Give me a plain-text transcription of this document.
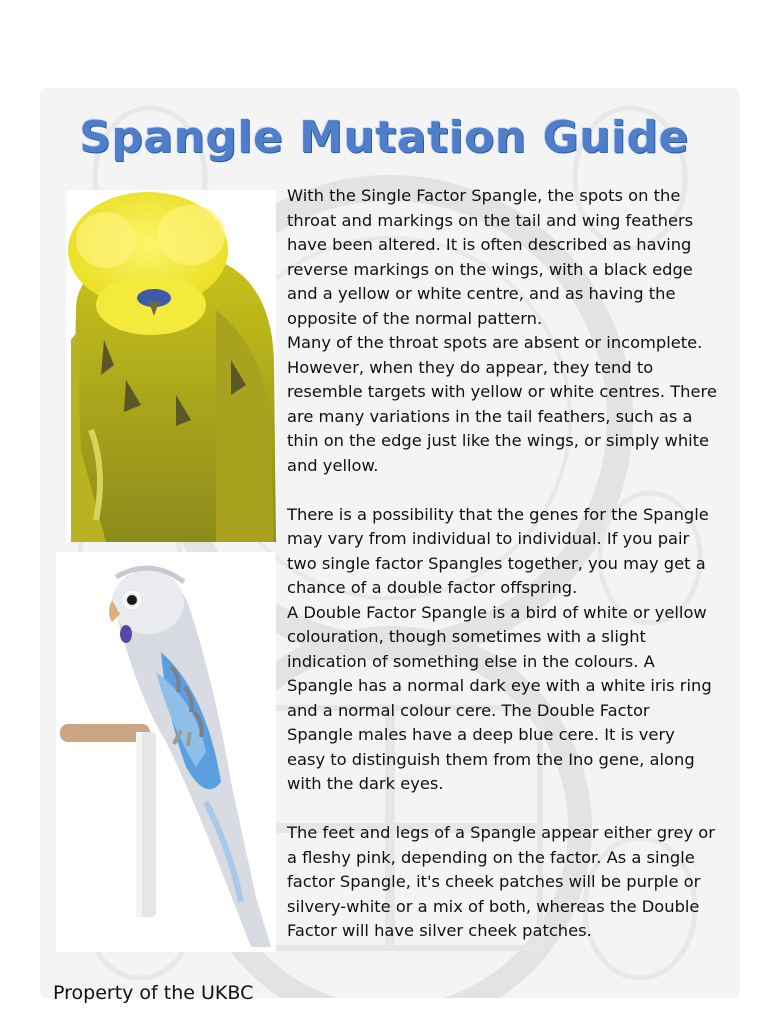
Spangle Mutation Guide

With the Single Factor Spangle, the spots on the throat and markings on the tail and wing feathers have been altered. It is often described as having reverse markings on the wings, with a black edge and a yellow or white centre, and as having the opposite of the normal pattern.

Many of the throat spots are absent or incomplete. However, when they do appear, they tend to resemble targets with yellow or white centres. There are many variations in the tail feathers, such as a thin on the edge just like the wings, or simply white and yellow.

There is a possibility that the genes for the Spangle may vary from individual to individual. If you pair two single factor Spangles together, you may get a chance of a double factor offspring.

A Double Factor Spangle is a bird of white or yellow colouration, though sometimes with a slight indication of something else in the colours. A Spangle has a normal dark eye with a white iris ring and a normal colour cere. The Double Factor Spangle males have a deep blue cere. It is very easy to distinguish them from the Ino gene, along with the dark eyes.

The feet and legs of a Spangle appear either grey or a fleshy pink, depending on the factor. As a single factor Spangle, it's cheek patches will be purple or silvery-white or a mix of both, whereas the Double Factor will have silver cheek patches.

Property of the UKBC
